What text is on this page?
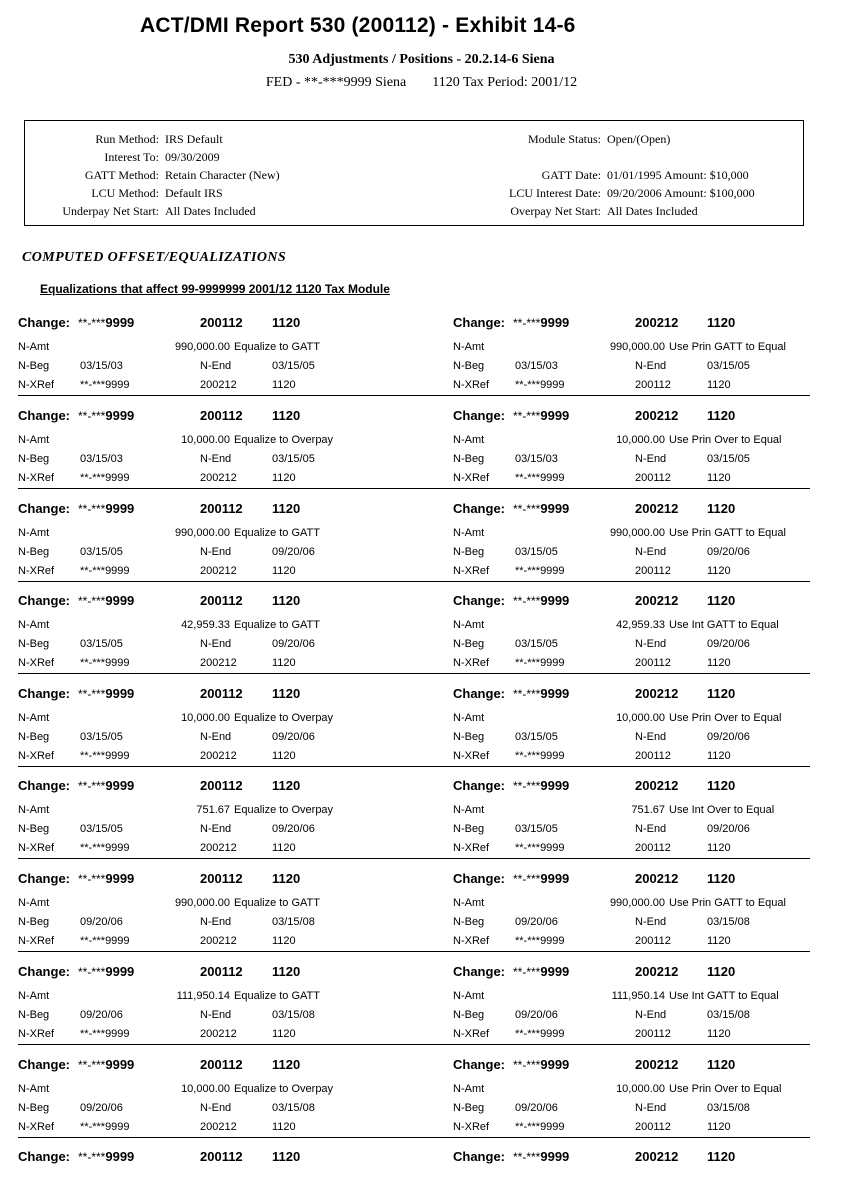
ACT/DMI Report 530 (200112) - Exhibit 14-6
530 Adjustments / Positions - 20.2.14-6 Siena
FED - **-***9999 Siena 1120 Tax Period: 2001/12
Run Method: IRS Default
Interest To: 09/30/2009
GATT Method: Retain Character (New)
LCU Method: Default IRS
Underpay Net Start: All Dates Included
Module Status: Open/(Open)
GATT Date: 01/01/1995 Amount: $10,000
LCU Interest Date: 09/20/2006 Amount: $100,000
Overpay Net Start: All Dates Included
COMPUTED OFFSET/EQUALIZATIONS
Equalizations that affect 99-9999999 2001/12 1120 Tax Module
Change: **-***9999	200112 1120
N-Amt	990,000.00 Equalize to GATT
N-Beg	03/15/03	N-End	03/15/05
N-XRef **-***9999	200212	1120
Change: **-***9999	200212 1120
N-Amt	990,000.00 Use Prin GATT to Equal
N-Beg	03/15/03	N-End	03/15/05
N-XRef **-***9999	200112	1120
Change: **-***9999	200112 1120
N-Amt	10,000.00 Equalize to Overpay
N-Beg	03/15/03	N-End	03/15/05
N-XRef **-***9999	200212	1120
Change: **-***9999	200212 1120
N-Amt	10,000.00 Use Prin Over to Equal
N-Beg	03/15/03	N-End	03/15/05
N-XRef **-***9999	200112	1120
Change: **-***9999	200112 1120
N-Amt	990,000.00 Equalize to GATT
N-Beg	03/15/05	N-End	09/20/06
N-XRef **-***9999	200212	1120
Change: **-***9999	200212 1120
N-Amt	990,000.00 Use Prin GATT to Equal
N-Beg	03/15/05	N-End	09/20/06
N-XRef **-***9999	200112	1120
Change: **-***9999	200112 1120
N-Amt	42,959.33 Equalize to GATT
N-Beg	03/15/05	N-End	09/20/06
N-XRef **-***9999	200212	1120
Change: **-***9999	200212 1120
N-Amt	42,959.33 Use Int GATT to Equal
N-Beg	03/15/05	N-End	09/20/06
N-XRef **-***9999	200112	1120
Change: **-***9999	200112 1120
N-Amt	10,000.00 Equalize to Overpay
N-Beg	03/15/05	N-End	09/20/06
N-XRef **-***9999	200212	1120
Change: **-***9999	200212 1120
N-Amt	10,000.00 Use Prin Over to Equal
N-Beg	03/15/05	N-End	09/20/06
N-XRef **-***9999	200112	1120
Change: **-***9999	200112 1120
N-Amt	751.67 Equalize to Overpay
N-Beg	03/15/05	N-End	09/20/06
N-XRef **-***9999	200212	1120
Change: **-***9999	200212 1120
N-Amt	751.67 Use Int Over to Equal
N-Beg	03/15/05	N-End	09/20/06
N-XRef **-***9999	200112	1120
Change: **-***9999	200112 1120
N-Amt	990,000.00 Equalize to GATT
N-Beg	09/20/06	N-End	03/15/08
N-XRef **-***9999	200212	1120
Change: **-***9999	200212 1120
N-Amt	990,000.00 Use Prin GATT to Equal
N-Beg	09/20/06	N-End	03/15/08
N-XRef **-***9999	200112	1120
Change: **-***9999	200112 1120
N-Amt	111,950.14 Equalize to GATT
N-Beg	09/20/06	N-End	03/15/08
N-XRef **-***9999	200212	1120
Change: **-***9999	200212 1120
N-Amt	111,950.14 Use Int GATT to Equal
N-Beg	09/20/06	N-End	03/15/08
N-XRef **-***9999	200112	1120
Change: **-***9999	200112 1120
N-Amt	10,000.00 Equalize to Overpay
N-Beg	09/20/06	N-End	03/15/08
N-XRef **-***9999	200212	1120
Change: **-***9999	200212 1120
N-Amt	10,000.00 Use Prin Over to Equal
N-Beg	09/20/06	N-End	03/15/08
N-XRef **-***9999	200112	1120
Change: **-***9999	200112 1120	Change: **-***9999	200212 1120
